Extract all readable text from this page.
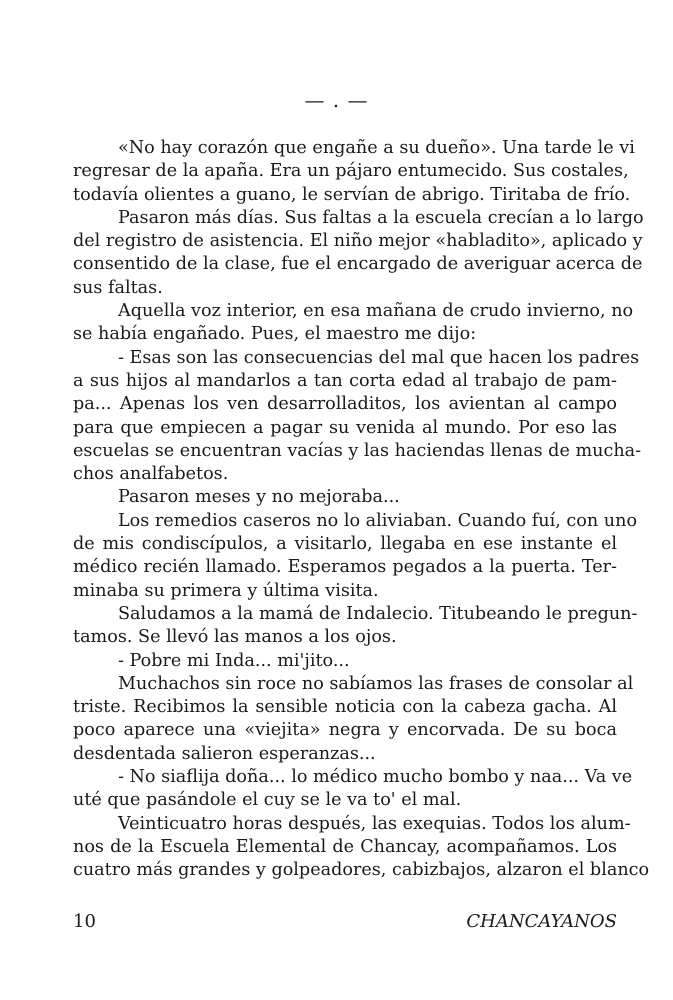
— . —
«No hay corazón que engañe a su dueño». Una tarde le vi
regresar de la apaña. Era un pájaro entumecido. Sus costales,
todavía olientes a guano, le servían de abrigo. Tiritaba de frío.
Pasaron más días. Sus faltas a la escuela crecían a lo largo
del registro de asistencia. El niño mejor «habladito», aplicado y
consentido de la clase, fue el encargado de averiguar acerca de
sus faltas.
Aquella voz interior, en esa mañana de crudo invierno, no
se había engañado. Pues, el maestro me dijo:
- Esas son las consecuencias del mal que hacen los padres
a sus hijos al mandarlos a tan corta edad al trabajo de pam-
pa... Apenas los ven desarrolladitos, los avientan al campo
para que empiecen a pagar su venida al mundo. Por eso las
escuelas se encuentran vacías y las haciendas llenas de mucha-
chos analfabetos.
Pasaron meses y no mejoraba...
Los remedios caseros no lo aliviaban. Cuando fuí, con uno
de mis condiscípulos, a visitarlo, llegaba en ese instante el
médico recién llamado. Esperamos pegados a la puerta. Ter-
minaba su primera y última visita.
Saludamos a la mamá de Indalecio. Titubeando le pregun-
tamos. Se llevó las manos a los ojos.
- Pobre mi Inda... mi'jito...
Muchachos sin roce no sabíamos las frases de consolar al
triste. Recibimos la sensible noticia con la cabeza gacha. Al
poco aparece una «viejita» negra y encorvada. De su boca
desdentada salieron esperanzas...
- No siaflija doña... lo médico mucho bombo y naa... Va ve
uté que pasándole el cuy se le va to' el mal.
Veinticuatro horas después, las exequias. Todos los alum-
nos de la Escuela Elemental de Chancay, acompañamos. Los
cuatro más grandes y golpeadores, cabizbajos, alzaron el blanco
10	CHANCAYANOS
